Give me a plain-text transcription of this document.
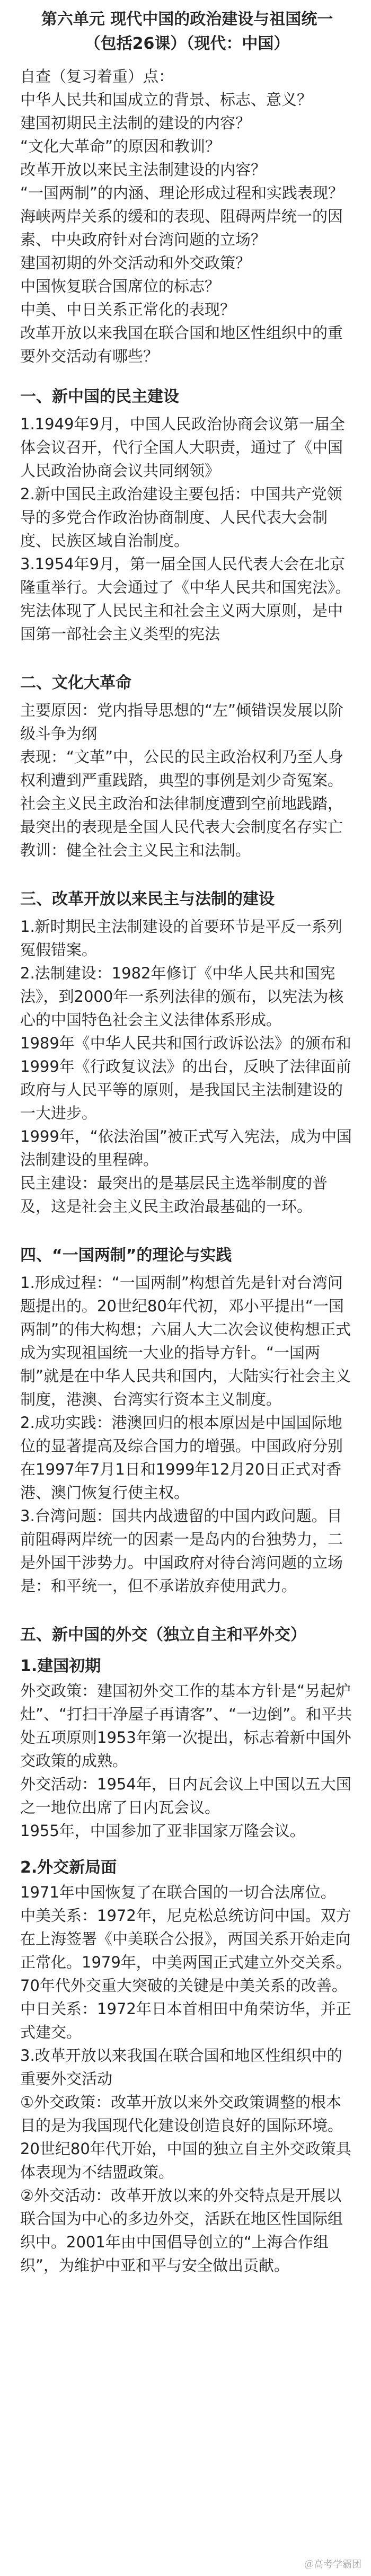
第六单元 现代中国的政治建设与祖国统一

（包括26课）（现代：中国）

自查（复习着重）点：

中华人民共和国成立的背景、标志、意义？

建国初期民主法制的建设的内容？

“文化大革命”的原因和教训？

改革开放以来民主法制建设的内容？

“一国两制”的内涵、理论形成过程和实践表现？

海峡两岸关系的缓和的表现、阻碍两岸统一的因素、中央政府针对台湾问题的立场？

建国初期的外交活动和外交政策？

中国恢复联合国席位的标志？

中美、中日关系正常化的表现？

改革开放以来我国在联合国和地区性组织中的重要外交活动有哪些？

一、新中国的民主建设

1.1949年9月，中国人民政治协商会议第一届全体会议召开，代行全国人大职责，通过了《中国人民政治协商会议共同纲领》

2.新中国民主政治建设主要包括：中国共产党领导的多党合作政治协商制度、人民代表大会制度、民族区域自治制度。

3.1954年9月，第一届全国人民代表大会在北京隆重举行。大会通过了《中华人民共和国宪法》。宪法体现了人民民主和社会主义两大原则，是中国第一部社会主义类型的宪法

二、文化大革命

主要原因：党内指导思想的“左”倾错误发展以阶级斗争为纲

表现：“文革”中，公民的民主政治权利乃至人身权利遭到严重践踏，典型的事例是刘少奇冤案。

社会主义民主政治和法律制度遭到空前地践踏，最突出的表现是全国人民代表大会制度名存实亡

教训：健全社会主义民主和法制。

三、改革开放以来民主与法制的建设

1.新时期民主法制建设的首要环节是平反一系列冤假错案。

2.法制建设：1982年修订《中华人民共和国宪法》，到2000年一系列法律的颁布，以宪法为核心的中国特色社会主义法律体系形成。

1989年《中华人民共和国行政诉讼法》的颁布和1999年《行政复议法》的出台，反映了法律面前政府与人民平等的原则，是我国民主法制建设的一大进步。

1999年，“依法治国”被正式写入宪法，成为中国法制建设的里程碑。

民主建设：最突出的是基层民主选举制度的普及，这是社会主义民主政治最基础的一环。

四、“一国两制”的理论与实践

1.形成过程：“一国两制”构想首先是针对台湾问题提出的。20世纪80年代初，邓小平提出“一国两制”的伟大构想；六届人大二次会议使构想正式成为实现祖国统一大业的指导方针。“一国两制”就是在中华人民共和国内，大陆实行社会主义制度，港澳、台湾实行资本主义制度。

2.成功实践：港澳回归的根本原因是中国国际地位的显著提高及综合国力的增强。中国政府分别在1997年7月1日和1999年12月20日正式对香港、澳门恢复行使主权。

3.台湾问题：国共内战遗留的中国内政问题。目前阻碍两岸统一的因素一是岛内的台独势力，二是外国干涉势力。中国政府对待台湾问题的立场是：和平统一，但不承诺放弃使用武力。

五、新中国的外交（独立自主和平外交）

1.建国初期

外交政策：建国初外交工作的基本方针是“另起炉灶”、“打扫干净屋子再请客”、“一边倒”。和平共处五项原则1953年第一次提出，标志着新中国外交政策的成熟。

外交活动：1954年，日内瓦会议上中国以五大国之一地位出席了日内瓦会议。

1955年，中国参加了亚非国家万隆会议。

2.外交新局面

1971年中国恢复了在联合国的一切合法席位。

中美关系：1972年，尼克松总统访问中国。双方在上海签署《中美联合公报》，两国关系开始走向正常化。1979年，中美两国正式建立外交关系。70年代外交重大突破的关键是中美关系的改善。

中日关系：1972年日本首相田中角荣访华，并正式建交。

3.改革开放以来我国在联合国和地区性组织中的重要外交活动

①外交政策：改革开放以来外交政策调整的根本目的是为我国现代化建设创造良好的国际环境。20世纪80年代开始，中国的独立自主外交政策具体表现为不结盟政策。

②外交活动：改革开放以来的外交特点是开展以联合国为中心的多边外交，活跃在地区性国际组织中。2001年由中国倡导创立的“上海合作组织”，为维护中亚和平与安全做出贡献。

＠高考学霸团
